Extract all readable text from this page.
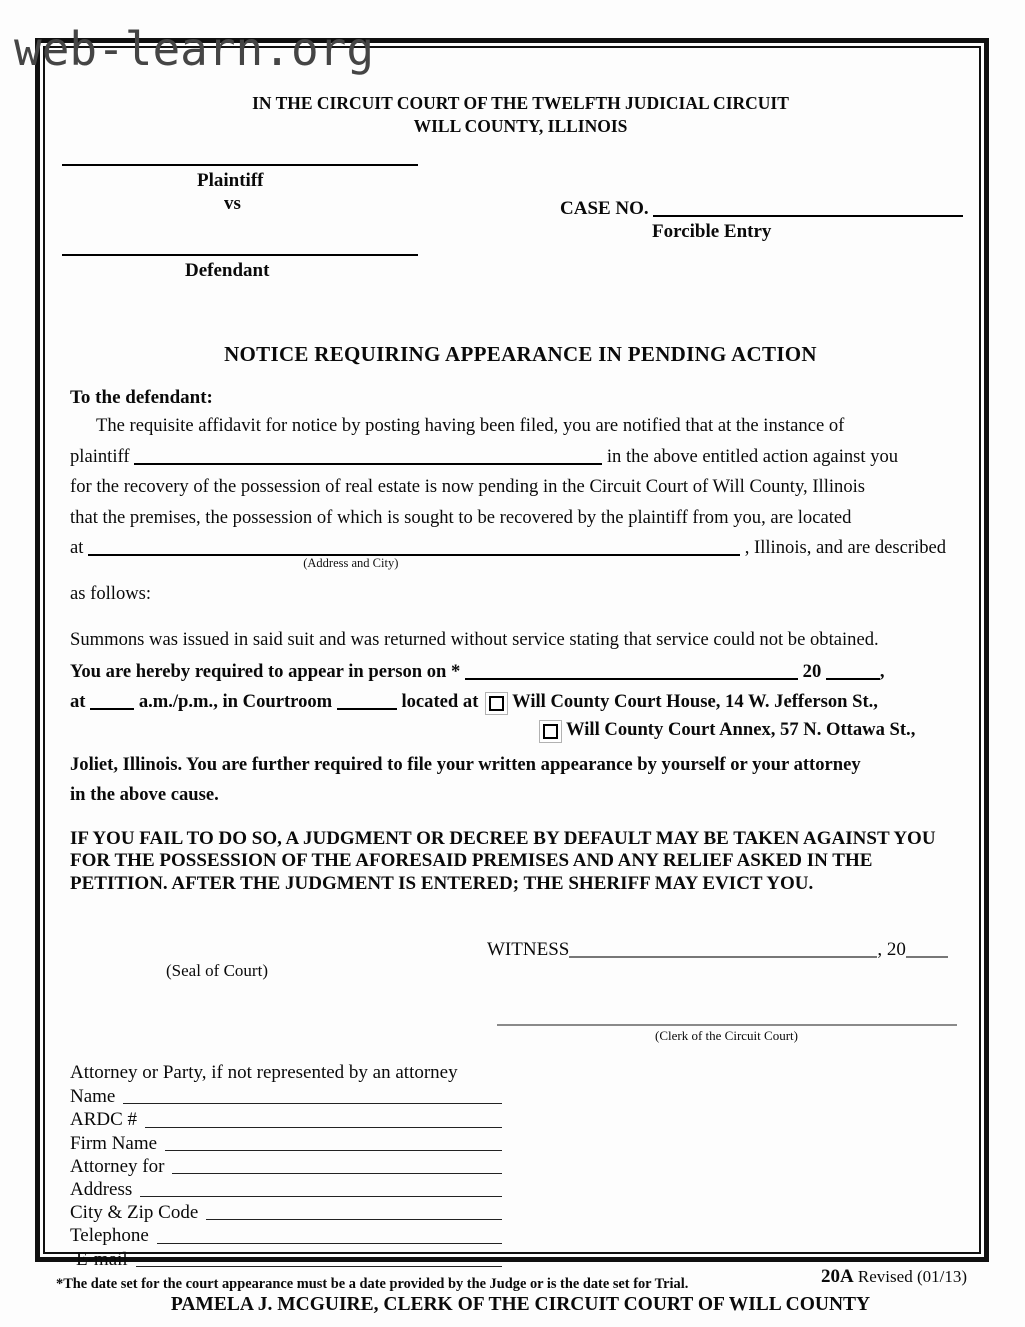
web-learn.org
IN THE CIRCUIT COURT OF THE TWELFTH JUDICIAL CIRCUIT
WILL COUNTY, ILLINOIS
Plaintiff
vs
Defendant
CASE NO.
Forcible Entry
NOTICE REQUIRING APPEARANCE IN PENDING ACTION
To the defendant:
The requisite affidavit for notice by posting having been filed, you are notified that at the instance of
plaintiff	in the above entitled action against you
for the recovery of the possession of real estate is now pending in the Circuit Court of Will County, Illinois
that the premises, the possession of which is sought to be recovered by the plaintiff from you, are located
at
(Address and City)
, Illinois, and are described
as follows:
Summons was issued in said suit and was returned without service stating that service could not be obtained.
You are hereby required to appear in person on *	20	,
at	a.m./p.m., in Courtroom	located at Will County Court House, 14 W. Jefferson St.,
Will County Court Annex, 57 N. Ottawa St.,
Joliet, Illinois. You are further required to file your written appearance by yourself or your attorney
in the above cause.
IF YOU FAIL TO DO SO, A JUDGMENT OR DECREE BY DEFAULT MAY BE TAKEN AGAINST YOU FOR THE POSSESSION OF THE AFORESAID PREMISES AND ANY RELIEF ASKED IN THE PETITION. AFTER THE JUDGMENT IS ENTERED; THE SHERIFF MAY EVICT YOU.
WITNESS	, 20
(Seal of Court)
(Clerk of the Circuit Court)
Attorney or Party, if not represented by an attorney
Name
ARDC #
Firm Name
Attorney for
Address
City & Zip Code
Telephone
E-mail
*The date set for the court appearance must be a date provided by the Judge or is the date set for Trial.
PAMELA J. MCGUIRE, CLERK OF THE CIRCUIT COURT OF WILL COUNTY
20A Revised (01/13)
